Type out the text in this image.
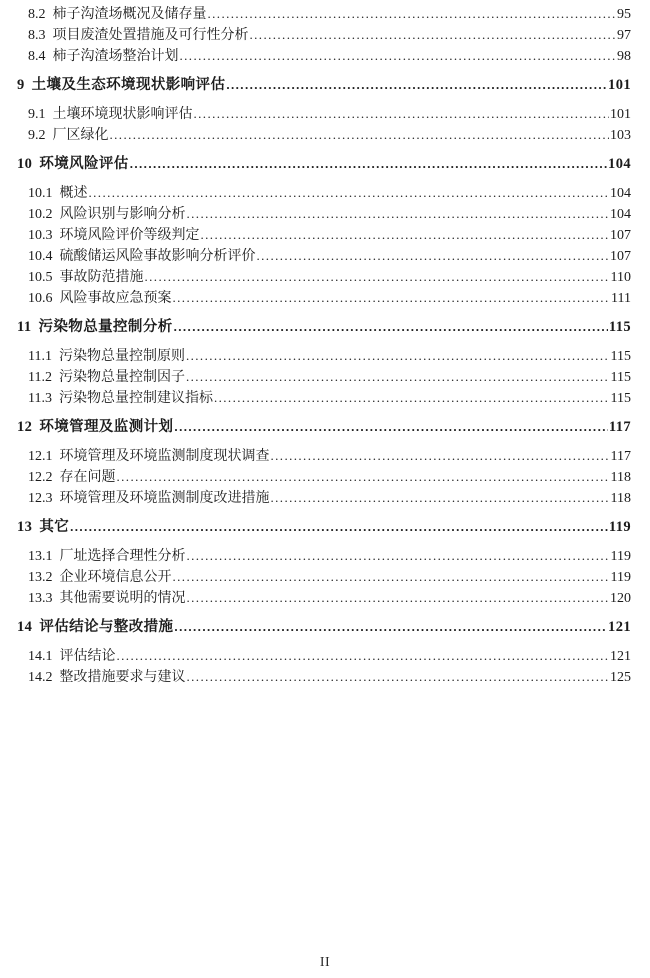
8.2 柿子沟渣场概况及储存量 .....	95
8.3 项目废渣处置措施及可行性分析 .....	97
8.4 柿子沟渣场整治计划 .....	98
9 土壤及生态环境现状影响评估 .....	101
9.1 土壤环境现状影响评估 .....	101
9.2 厂区绿化 .....	103
10 环境风险评估 .....	104
10.1 概述 .....	104
10.2 风险识别与影响分析 .....	104
10.3 环境风险评价等级判定 .....	107
10.4 硫酸储运风险事故影响分析评价 .....	107
10.5 事故防范措施 .....	110
10.6 风险事故应急预案 .....	111
11 污染物总量控制分析 .....	115
11.1 污染物总量控制原则 .....	115
11.2 污染物总量控制因子 .....	115
11.3 污染物总量控制建议指标 .....	115
12 环境管理及监测计划 .....	117
12.1 环境管理及环境监测制度现状调查 .....	117
12.2 存在问题 .....	118
12.3 环境管理及环境监测制度改进措施 .....	118
13 其它 .....	119
13.1 厂址选择合理性分析 .....	119
13.2 企业环境信息公开 .....	119
13.3 其他需要说明的情况 .....	120
14 评估结论与整改措施 .....	121
14.1 评估结论 .....	121
14.2 整改措施要求与建议 .....	125
II
